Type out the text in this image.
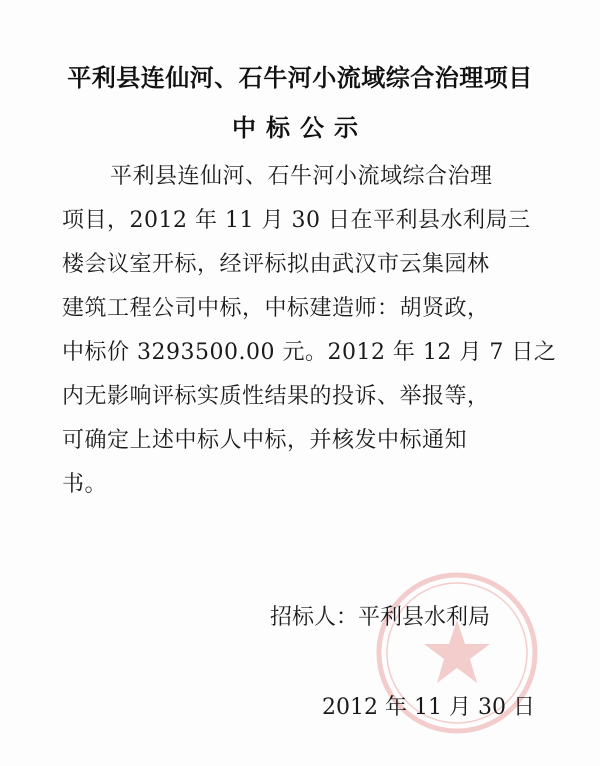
平利县连仙河、石牛河小流域综合治理项目
中标公示
平利县连仙河、石牛河小流域综合治理
项目，2012 年 11 月 30 日在平利县水利局三
楼会议室开标，经评标拟由武汉市云集园林
建筑工程公司中标，中标建造师：胡贤政，
中标价 3293500.00 元。2012 年 12 月 7 日之
内无影响评标实质性结果的投诉、举报等，
可确定上述中标人中标，并核发中标通知
书。
招标人：平利县水利局
2012 年 11 月 30 日
